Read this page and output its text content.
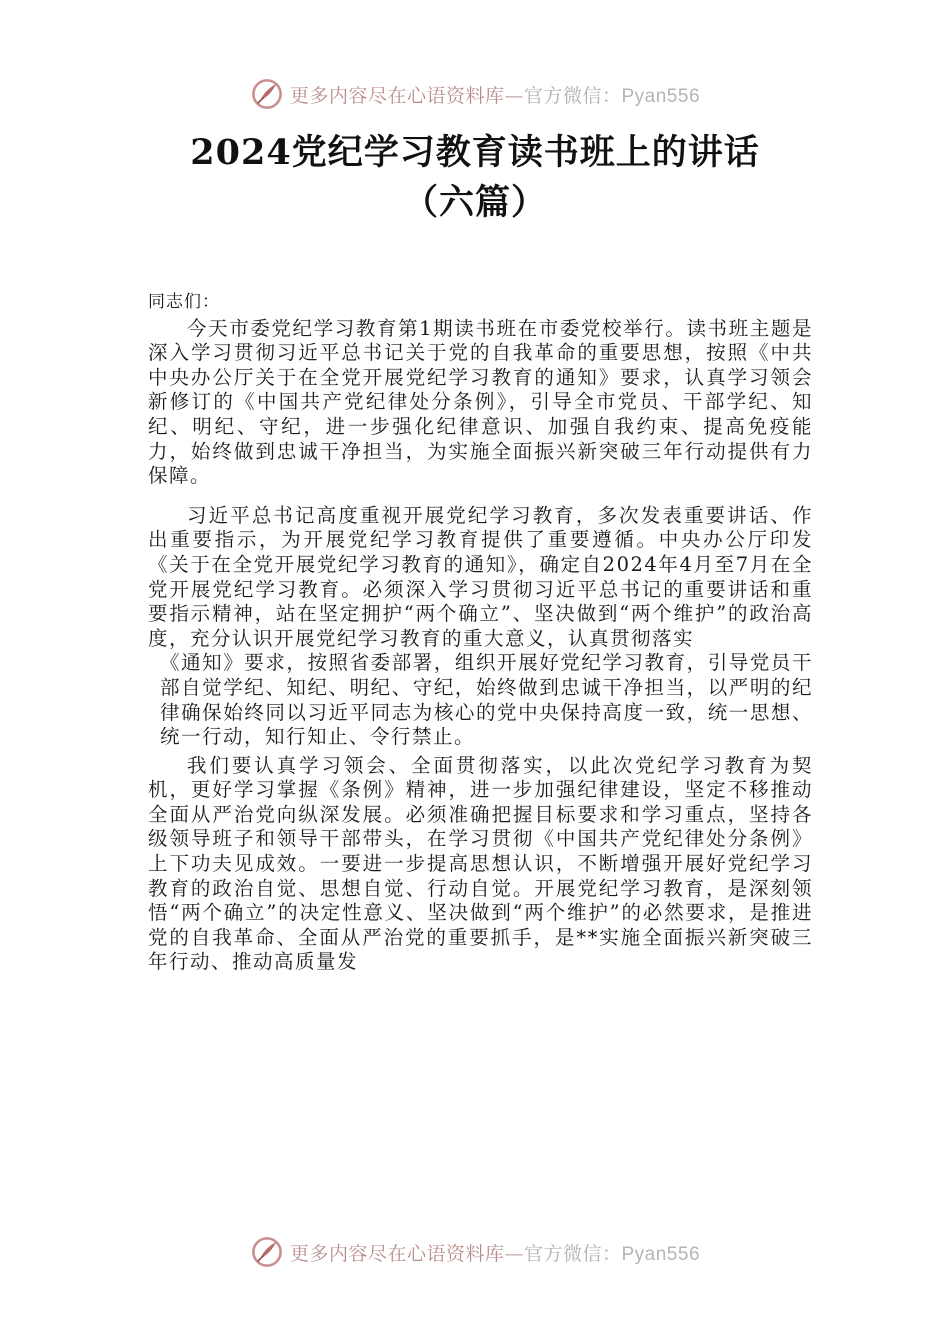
更多内容尽在心语资料库—官方微信：Pyan556
2024党纪学习教育读书班上的讲话
（六篇）

同志们：

今天市委党纪学习教育第1期读书班在市委党校举行。读书班主题是深入学习贯彻习近平总书记关于党的自我革命的重要思想，按照《中共中央办公厅关于在全党开展党纪学习教育的通知》要求，认真学习领会新修订的《中国共产党纪律处分条例》，引导全市党员、干部学纪、知纪、明纪、守纪，进一步强化纪律意识、加强自我约束、提高免疫能力，始终做到忠诚干净担当，为实施全面振兴新突破三年行动提供有力保障。

习近平总书记高度重视开展党纪学习教育，多次发表重要讲话、作出重要指示，为开展党纪学习教育提供了重要遵循。中央办公厅印发《关于在全党开展党纪学习教育的通知》，确定自2024年4月至7月在全党开展党纪学习教育。必须深入学习贯彻习近平总书记的重要讲话和重要指示精神，站在坚定拥护“两个确立”、坚决做到“两个维护”的政治高度，充分认识开展党纪学习教育的重大意义，认真贯彻落实

《通知》要求，按照省委部署，组织开展好党纪学习教育，引导党员干部自觉学纪、知纪、明纪、守纪，始终做到忠诚干净担当，以严明的纪律确保始终同以习近平同志为核心的党中央保持高度一致，统一思想、统一行动，知行知止、令行禁止。

我们要认真学习领会、全面贯彻落实，以此次党纪学习教育为契机，更好学习掌握《条例》精神，进一步加强纪律建设，坚定不移推动全面从严治党向纵深发展。必须准确把握目标要求和学习重点，坚持各级领导班子和领导干部带头，在学习贯彻《中国共产党纪律处分条例》上下功夫见成效。一要进一步提高思想认识，不断增强开展好党纪学习教育的政治自觉、思想自觉、行动自觉。开展党纪学习教育，是深刻领悟“两个确立”的决定性意义、坚决做到“两个维护”的必然要求，是推进党的自我革命、全面从严治党的重要抓手，是**实施全面振兴新突破三年行动、推动高质量发

更多内容尽在心语资料库—官方微信：Pyan556
